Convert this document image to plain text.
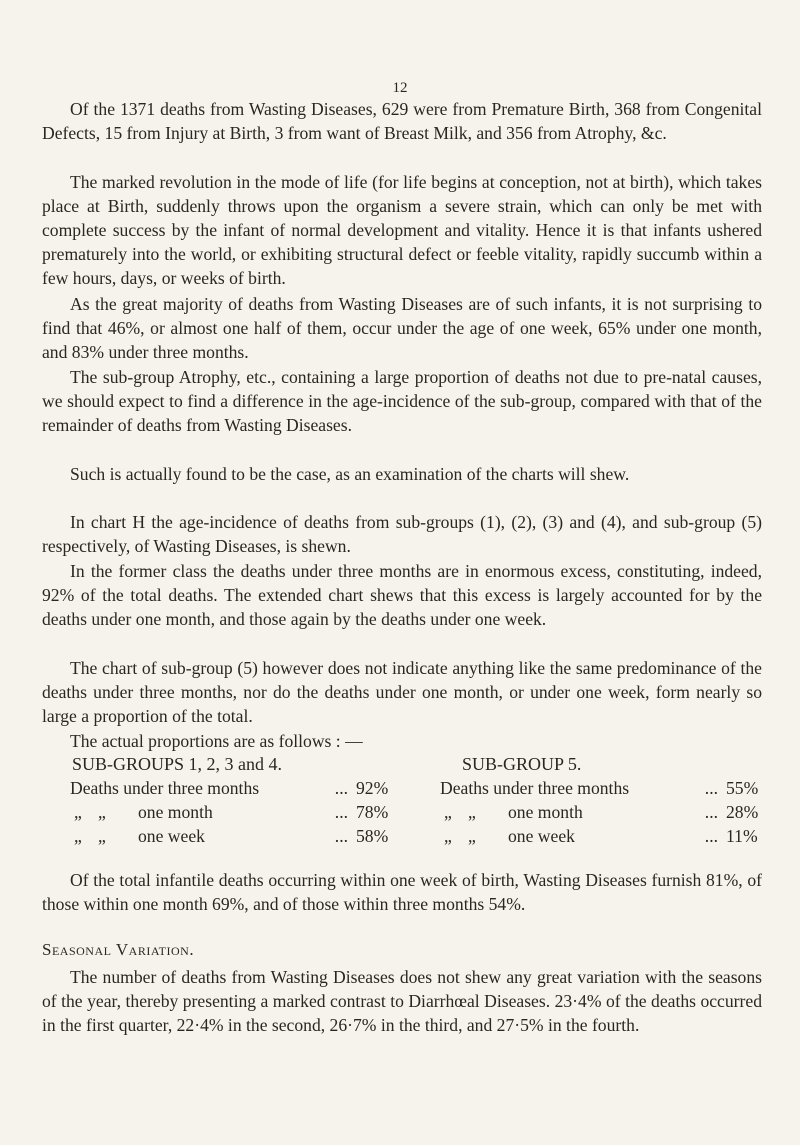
12

Of the 1371 deaths from Wasting Diseases, 629 were from Premature Birth, 368 from Congenital Defects, 15 from Injury at Birth, 3 from want of Breast Milk, and 356 from Atrophy, &c.

The marked revolution in the mode of life (for life begins at conception, not at birth), which takes place at Birth, suddenly throws upon the organism a severe strain, which can only be met with complete success by the infant of normal development and vitality. Hence it is that infants ushered prematurely into the world, or exhibiting structural defect or feeble vitality, rapidly succumb within a few hours, days, or weeks of birth.

As the great majority of deaths from Wasting Diseases are of such infants, it is not surprising to find that 46%, or almost one half of them, occur under the age of one week, 65% under one month, and 83% under three months.

The sub-group Atrophy, etc., containing a large proportion of deaths not due to pre-natal causes, we should expect to find a difference in the age-incidence of the sub-group, compared with that of the remainder of deaths from Wasting Diseases.

Such is actually found to be the case, as an examination of the charts will shew.

In chart H the age-incidence of deaths from sub-groups (1), (2), (3) and (4), and sub-group (5) respectively, of Wasting Diseases, is shewn.

In the former class the deaths under three months are in enormous excess, constituting, indeed, 92% of the total deaths. The extended chart shews that this excess is largely accounted for by the deaths under one month, and those again by the deaths under one week.

The chart of sub-group (5) however does not indicate anything like the same predominance of the deaths under three months, nor do the deaths under one month, or under one week, form nearly so large a proportion of the total.

The actual proportions are as follows : —

SUB-GROUPS 1, 2, 3 and 4.
Deaths under three months	... 92%
„ „ one month	... 78%
„ „ one week	... 58%
SUB-GROUP 5.
Deaths under three months	... 55%
„ „ one month	... 28%
„ „ one week	... 11%

Of the total infantile deaths occurring within one week of birth, Wasting Diseases furnish 81%, of those within one month 69%, and of those within three months 54%.

Seasonal Variation.

The number of deaths from Wasting Diseases does not shew any great variation with the seasons of the year, thereby presenting a marked contrast to Diarrhœal Diseases. 23·4% of the deaths occurred in the first quarter, 22·4% in the second, 26·7% in the third, and 27·5% in the fourth.
